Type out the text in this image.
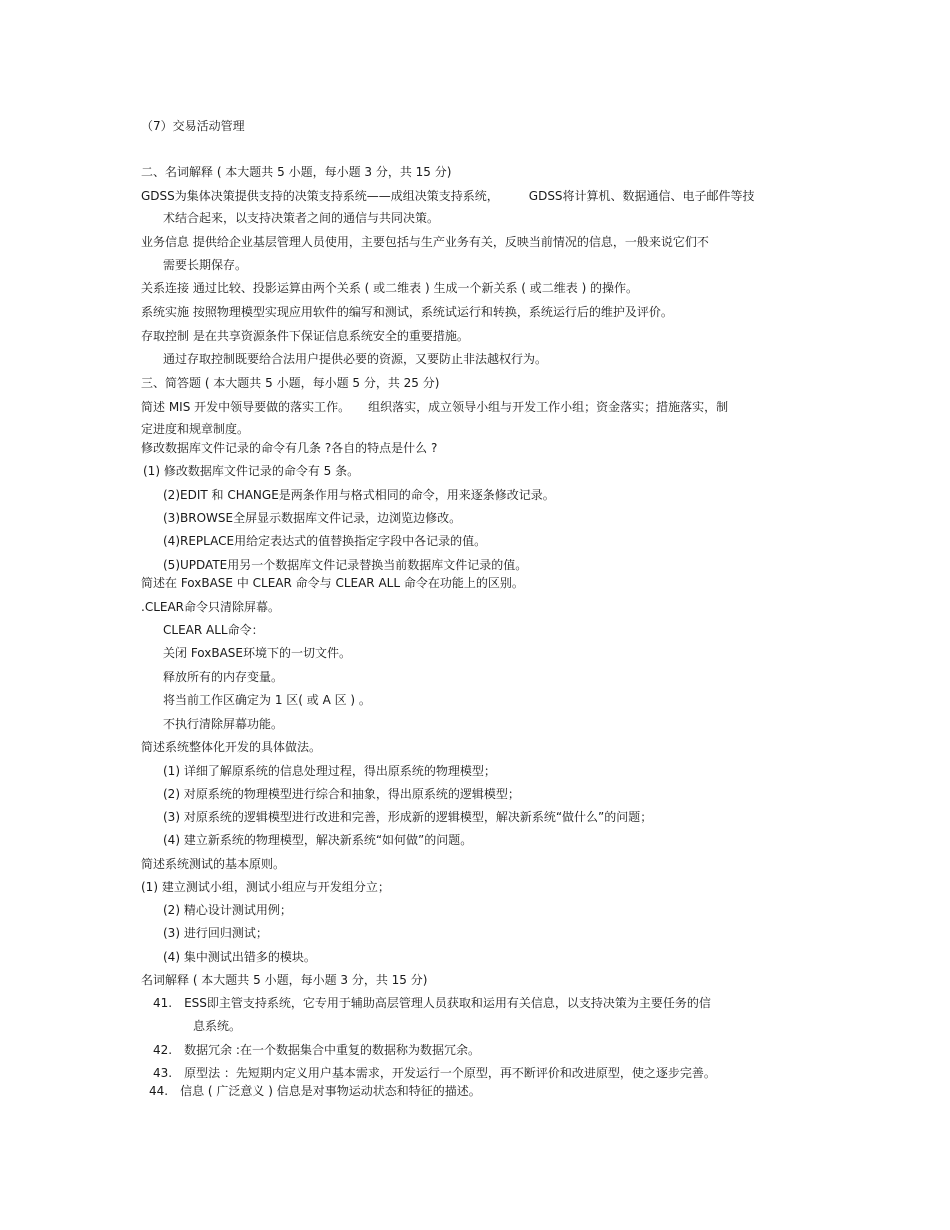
（7）交易活动管理
二、名词解释 ( 本大题共 5 小题，每小题 3 分，共 15 分)
GDSS为集体决策提供支持的决策支持系统——成组决策支持系统，　　　GDSS将计算机、数据通信、电子邮件等技
术结合起来，以支持决策者之间的通信与共同决策。
业务信息 提供给企业基层管理人员使用，主要包括与生产业务有关，反映当前情况的信息，一般来说它们不
需要长期保存。
关系连接 通过比较、投影运算由两个关系 ( 或二维表 ) 生成一个新关系 ( 或二维表 ) 的操作。
系统实施 按照物理模型实现应用软件的编写和测试，系统试运行和转换，系统运行后的维护及评价。
存取控制 是在共享资源条件下保证信息系统安全的重要措施。
通过存取控制既要给合法用户提供必要的资源，又要防止非法越权行为。
三、简答题 ( 本大题共 5 小题，每小题 5 分，共 25 分)
简述 MIS 开发中领导要做的落实工作。　　组织落实，成立领导小组与开发工作小组；资金落实；措施落实，制
定进度和规章制度。
修改数据库文件记录的命令有几条 ?各自的特点是什么 ?
(1) 修改数据库文件记录的命令有 5 条。
(2)EDIT 和 CHANGE是两条作用与格式相同的命令，用来逐条修改记录。
(3)BROWSE全屏显示数据库文件记录，边浏览边修改。
(4)REPLACE用给定表达式的值替换指定字段中各记录的值。
(5)UPDATE用另一个数据库文件记录替换当前数据库文件记录的值。
简述在 FoxBASE 中 CLEAR 命令与 CLEAR ALL 命令在功能上的区别。
.CLEAR命令只清除屏幕。
CLEAR ALL命令：
关闭 FoxBASE环境下的一切文件。
释放所有的内存变量。
将当前工作区确定为 1 区( 或 A 区 ) 。
不执行清除屏幕功能。
简述系统整体化开发的具体做法。
(1) 详细了解原系统的信息处理过程，得出原系统的物理模型；
(2) 对原系统的物理模型进行综合和抽象，得出原系统的逻辑模型；
(3) 对原系统的逻辑模型进行改进和完善，形成新的逻辑模型，解决新系统“做什么”的问题；
(4) 建立新系统的物理模型，解决新系统“如何做”的问题。
简述系统测试的基本原则。
(1) 建立测试小组，测试小组应与开发组分立；
(2) 精心设计测试用例；
(3) 进行回归测试；
(4) 集中测试出错多的模块。
名词解释 ( 本大题共 5 小题，每小题 3 分，共 15 分)
41.　ESS即主管支持系统，它专用于辅助高层管理人员获取和运用有关信息，以支持决策为主要任务的信
息系统。
42.　数据冗余 :在一个数据集合中重复的数据称为数据冗余。
43.　原型法 ：先短期内定义用户基本需求，开发运行一个原型，再不断评价和改进原型，使之逐步完善。
44.　信息 ( 广泛意义 ) 信息是对事物运动状态和特征的描述。
